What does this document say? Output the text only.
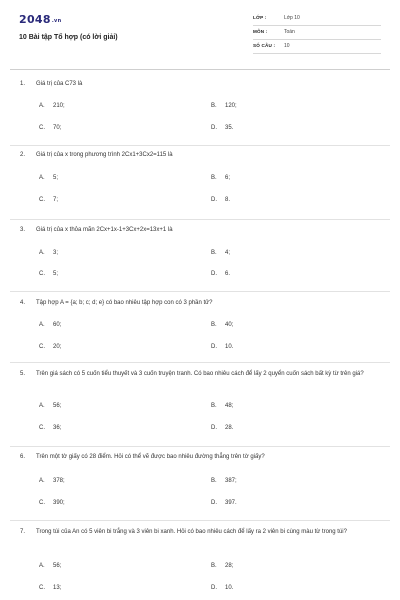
2048.vn
10 Bài tập Tổ hợp (có lời giải)
LỚP :	Lớp 10
MÔN :	Toán
SỐ CÂU : 10
1. Giá trị của C73 là
A. 210;	B. 120;
C. 70;	D. 35.
2. Giá trị của x trong phương trình 2Cx1+3Cx2=115 là
A. 5;	B. 6;
C. 7;	D. 8.
3. Giá trị của x thỏa mãn 2Cx+1x-1+3Cx+2x=13x+1 là
A. 3;	B. 4;
C. 5;	D. 6.
4. Tập hợp A = {a; b; c; d; e} có bao nhiêu tập hợp con có 3 phần tử?
A. 60;	B. 40;
C. 20;	D. 10.
5. Trên giá sách có 5 cuốn tiểu thuyết và 3 cuốn truyện tranh. Có bao nhiêu cách để lấy 2 quyển cuốn sách bất kỳ từ trên giá?
A. 56;	B. 48;
C. 36;	D. 28.
6. Trên một tờ giấy có 28 điểm. Hỏi có thể vẽ được bao nhiêu đường thẳng trên tờ giấy?
A. 378;	B. 387;
C. 390;	D. 397.
7. Trong túi của An có 5 viên bi trắng và 3 viên bi xanh. Hỏi có bao nhiêu cách để lấy ra 2 viên bi cùng màu từ trong túi?
A. 56;	B. 28;
C. 13;	D. 10.
